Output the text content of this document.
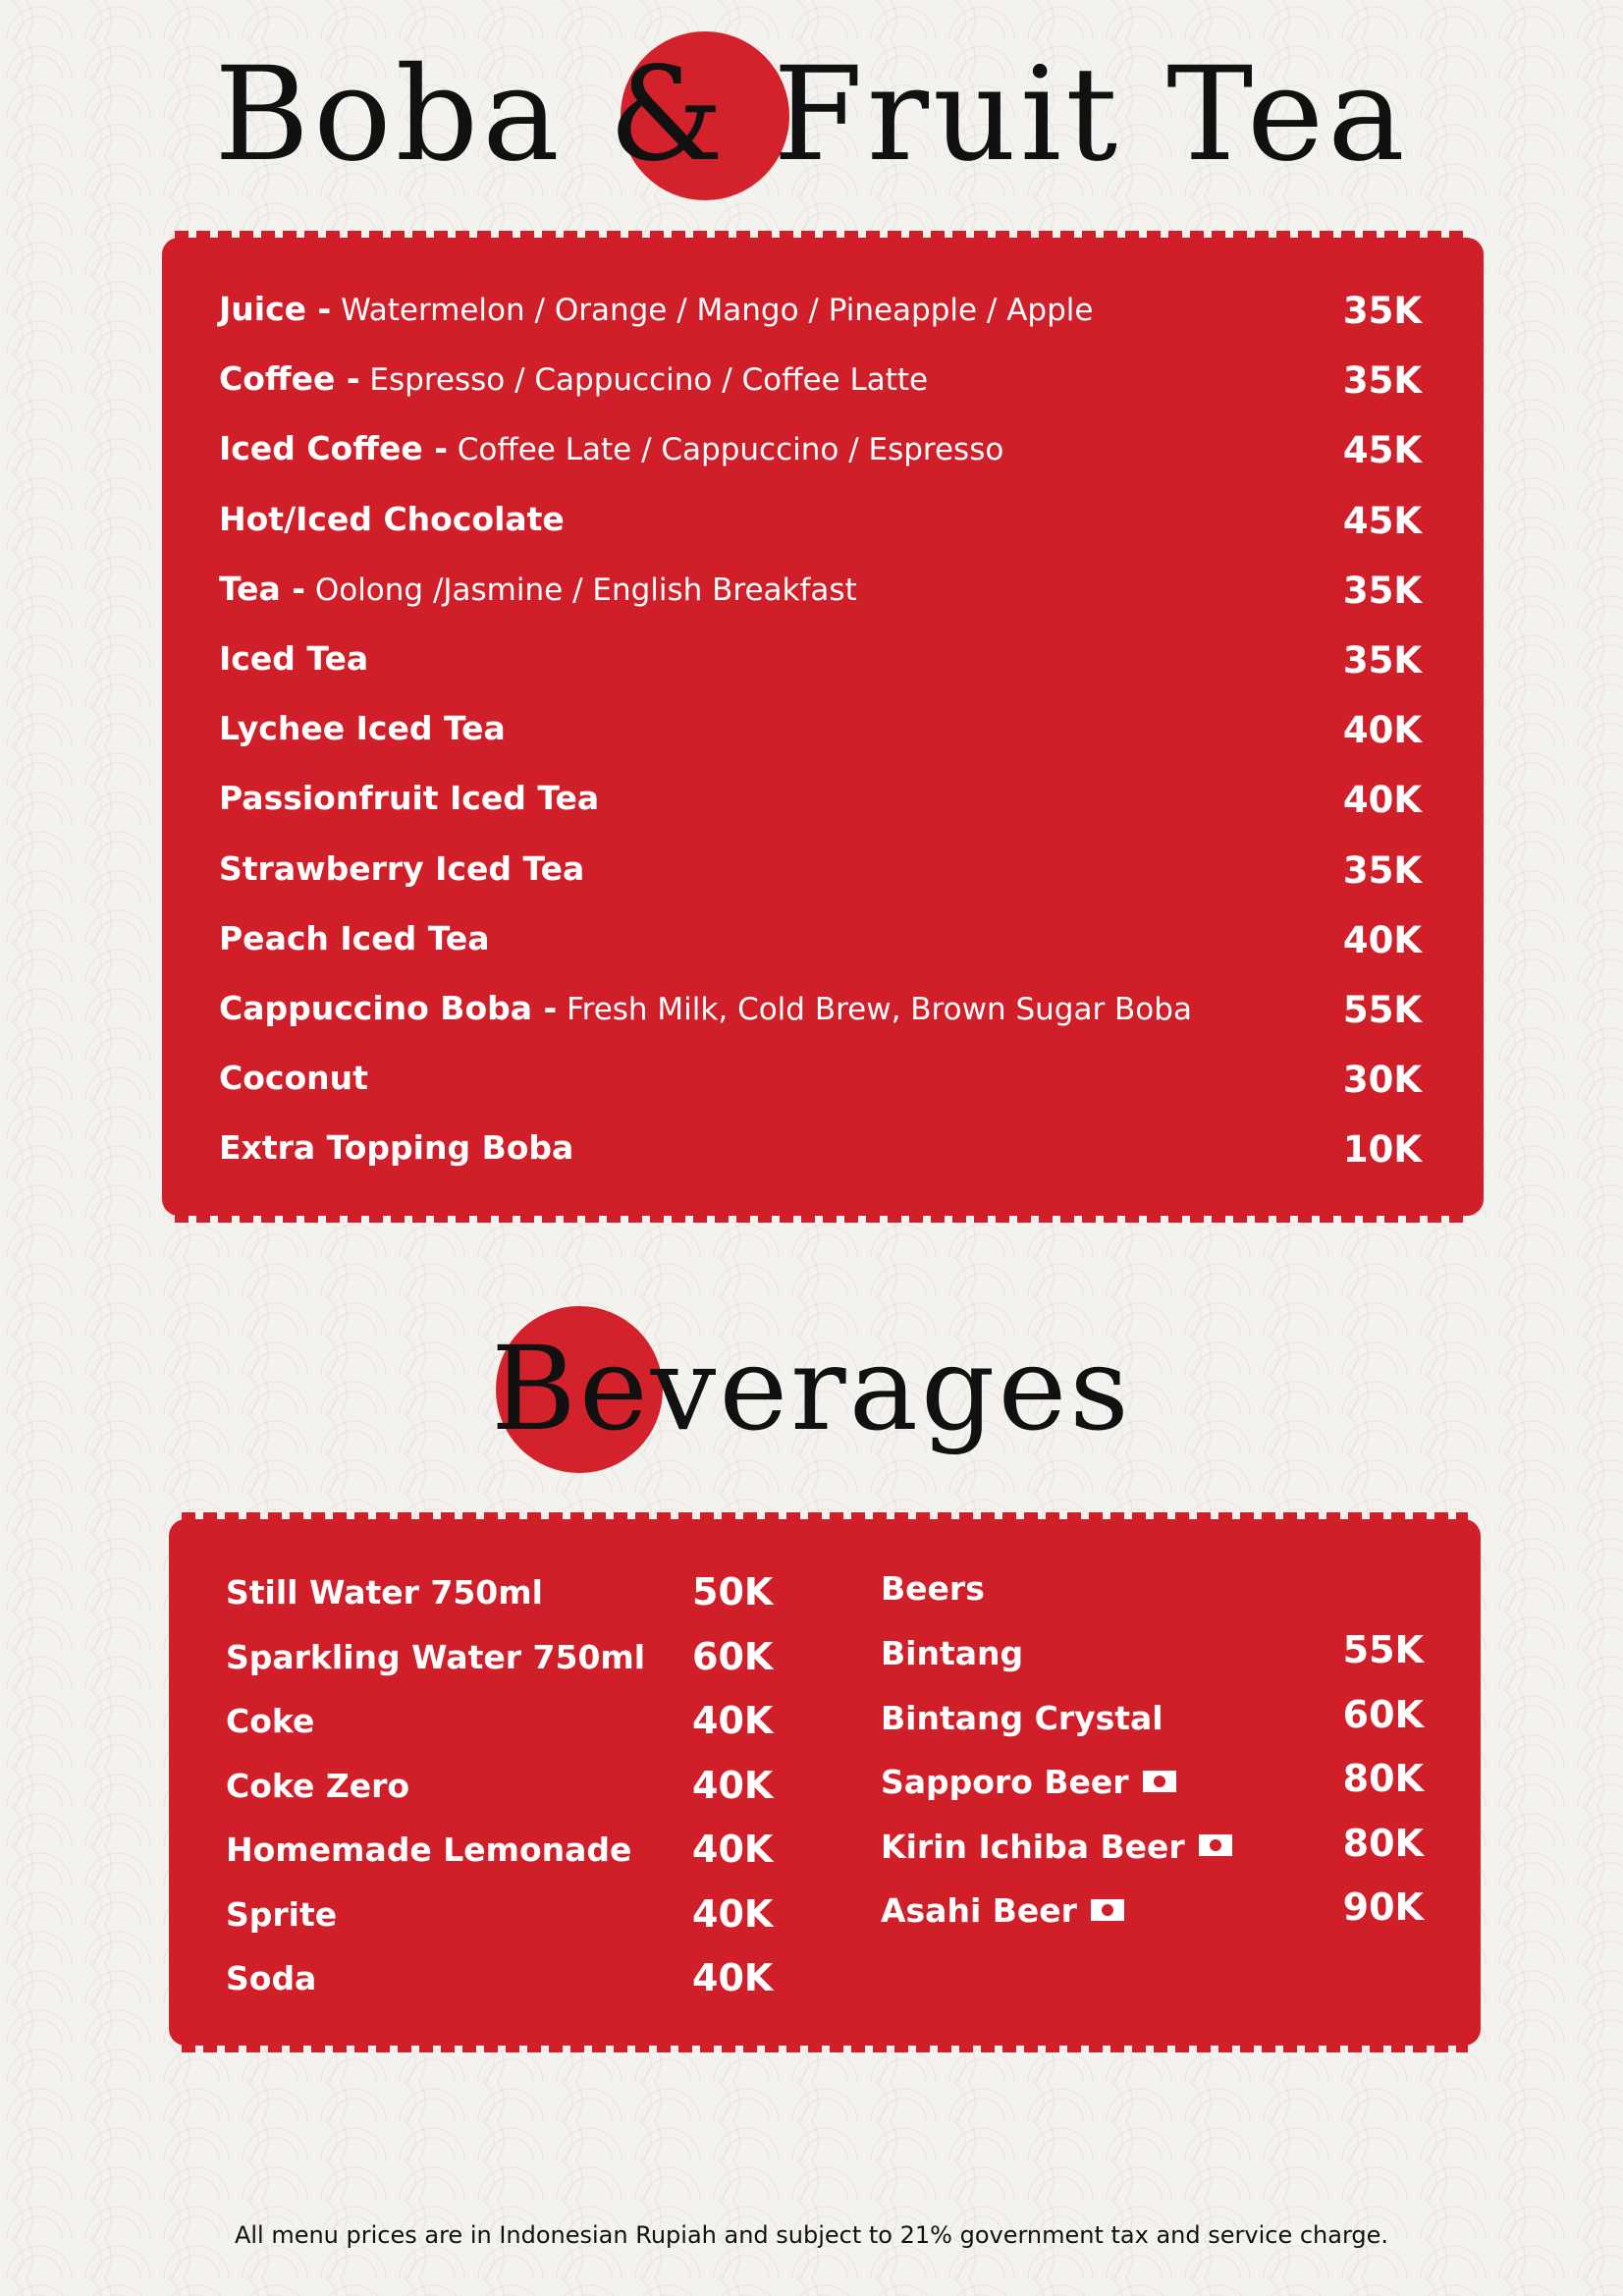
Boba & Fruit Tea
Juice - Watermelon / Orange / Mango / Pineapple / Apple	35K
Coffee - Espresso / Cappuccino / Coffee Latte	35K
Iced Coffee - Coffee Late / Cappuccino / Espresso	45K
Hot/Iced Chocolate	45K
Tea - Oolong /Jasmine / English Breakfast	35K
Iced Tea	35K
Lychee Iced Tea	40K
Passionfruit Iced Tea	40K
Strawberry Iced Tea	35K
Peach Iced Tea	40K
Cappuccino Boba - Fresh Milk, Cold Brew, Brown Sugar Boba	55K
Coconut	30K
Extra Topping Boba	10K
Beverages
Still Water 750ml	50K
Sparkling Water 750ml 60K
Coke	40K
Coke Zero	40K
Homemade Lemonade 40K
Sprite	40K
Soda	40K
Beers
Bintang	55K
Bintang Crystal	60K
Sapporo Beer	80K
Kirin Ichiba Beer	80K
Asahi Beer	90K
All menu prices are in Indonesian Rupiah and subject to 21% government tax and service charge.
